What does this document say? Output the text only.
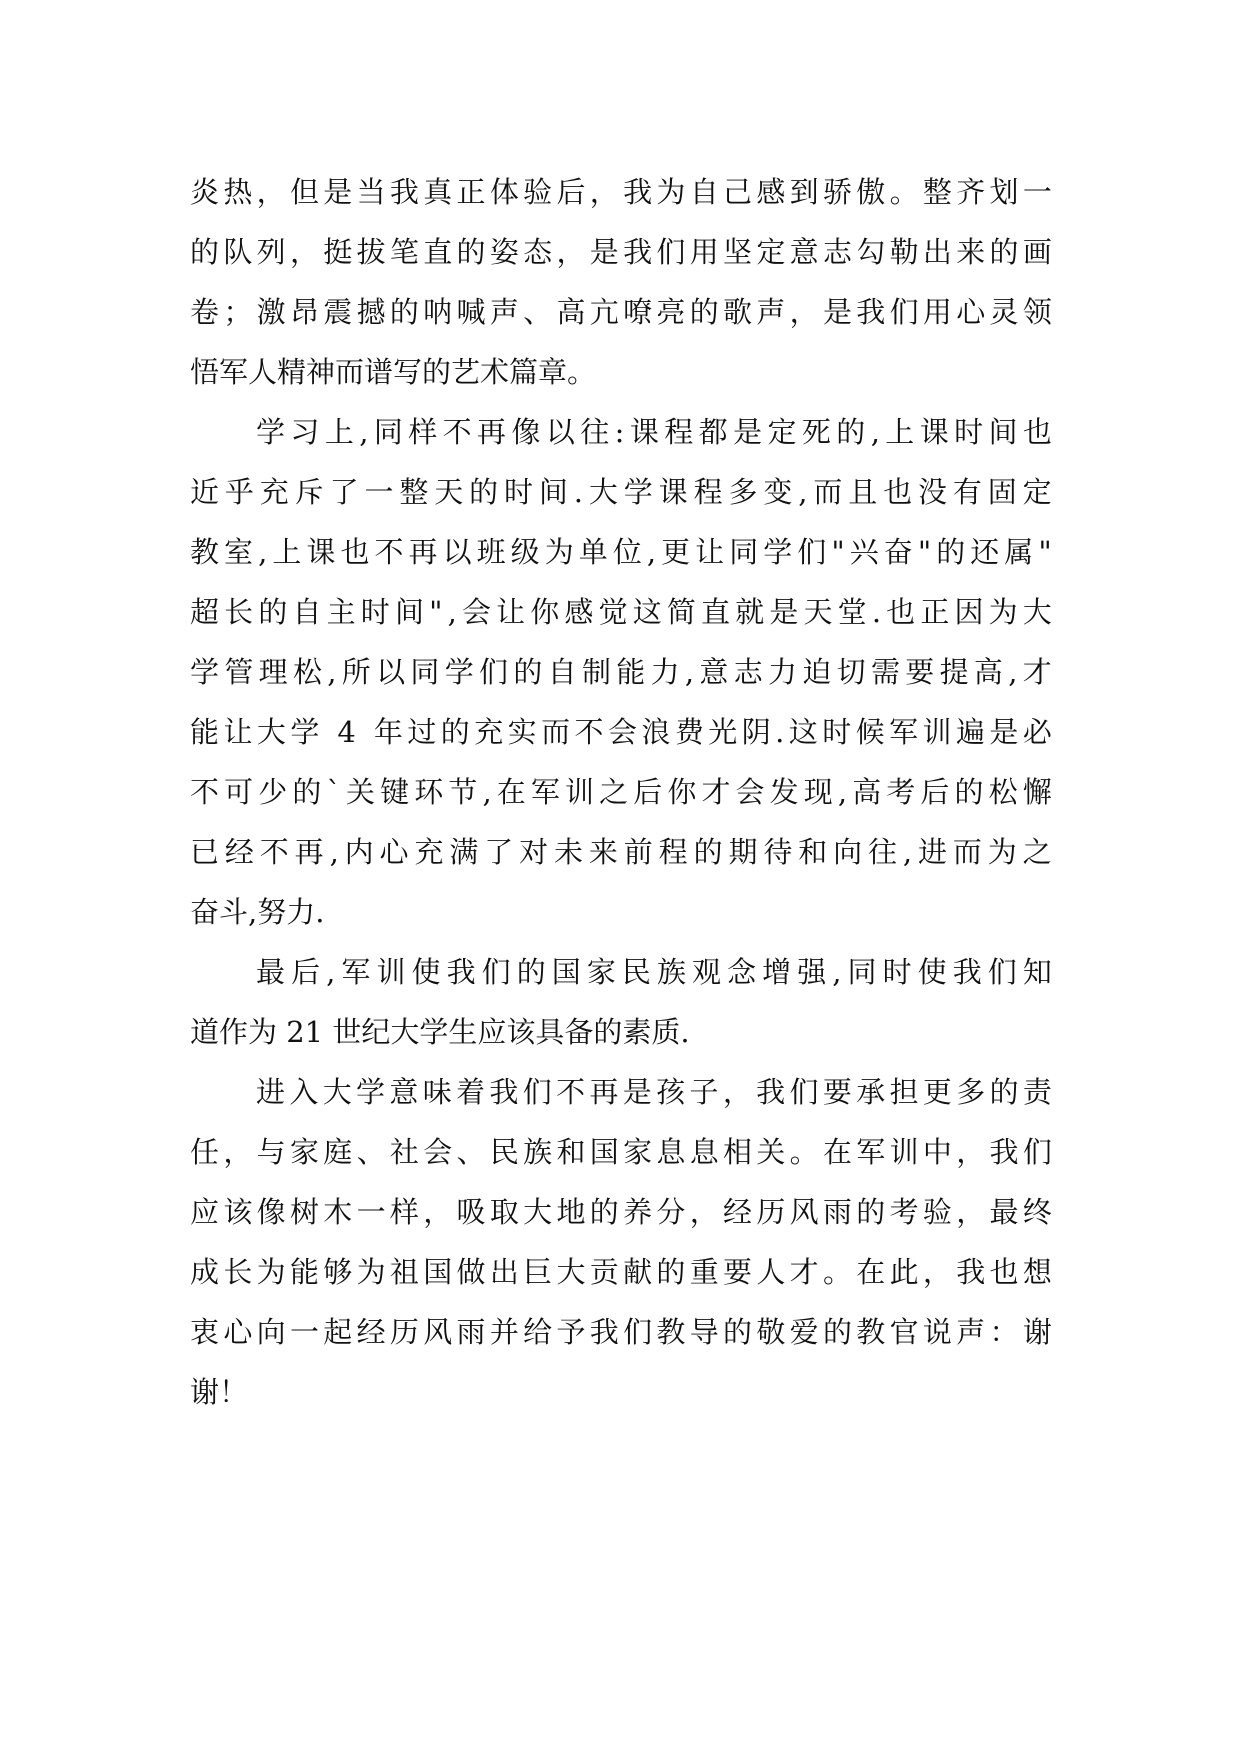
炎 热 ， 但 是 当 我 真 正 体 验 后 ， 我 为 自 己 感 到 骄 傲 。 整 齐 划 一
的 队 列 ， 挺 拔 笔 直 的 姿 态 ， 是 我 们 用 坚 定 意 志 勾 勒 出 来 的 画
卷 ； 激 昂 震 撼 的 呐 喊 声 、 高 亢 嘹 亮 的 歌 声 ， 是 我 们 用 心 灵 领
悟军人精神而谱写的艺术篇章。
学 习 上 , 同 样 不 再 像 以 往 : 课 程 都 是 定 死 的 , 上 课 时 间 也
近 乎 充 斥 了 一 整 天 的 时 间 . 大 学 课 程 多 变 , 而 且 也 没 有 固 定
教 室 , 上 课 也 不 再 以 班 级 为 单 位 , 更 让 同 学 们 " 兴 奋 " 的 还 属 "
超 长 的 自 主 时 间 " , 会 让 你 感 觉 这 简 直 就 是 天 堂 . 也 正 因 为 大
学 管 理 松 , 所 以 同 学 们 的 自 制 能 力 , 意 志 力 迫 切 需 要 提 高 , 才
能 让 大 学
4
年 过 的 充 实 而 不 会 浪 费 光 阴 . 这 时 候 军 训 遍 是 必
不 可 少 的 ` 关 键 环 节 , 在 军 训 之 后 你 才 会 发 现 , 高 考 后 的 松 懈
已 经 不 再 , 内 心 充 满 了 对 未 来 前 程 的 期 待 和 向 往 , 进 而 为 之
奋斗,努力.
最 后 , 军 训 使 我 们 的 国 家 民 族 观 念 增 强 , 同 时 使 我 们 知
道作为 21 世纪大学生应该具备的素质.
进 入 大 学 意 味 着 我 们 不 再 是 孩 子 ， 我 们 要 承 担 更 多 的 责
任 ， 与 家 庭 、 社 会 、 民 族 和 国 家 息 息 相 关 。 在 军 训 中 ， 我 们
应 该 像 树 木 一 样 ， 吸 取 大 地 的 养 分 ， 经 历 风 雨 的 考 验 ， 最 终
成 长 为 能 够 为 祖 国 做 出 巨 大 贡 献 的 重 要 人 才 。 在 此 ， 我 也 想
衷 心 向 一 起 经 历 风 雨 并 给 予 我 们 教 导 的 敬 爱 的 教 官 说 声 ： 谢
谢！
